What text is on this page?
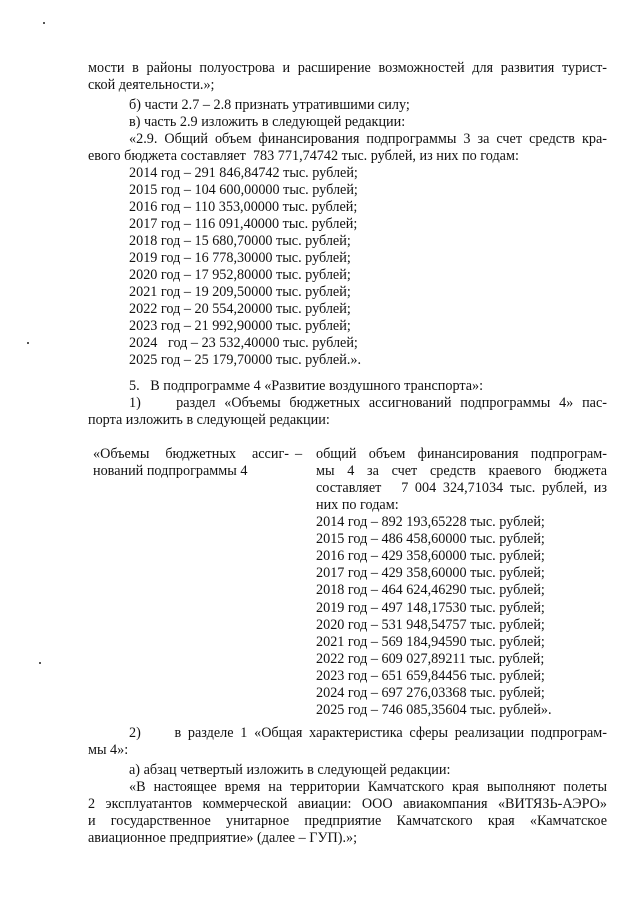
мости в районы полуострова и расширение возможностей для развития турист-
ской деятельности.»;
б) части 2.7 – 2.8 признать утратившими силу;
в) часть 2.9 изложить в следующей редакции:
«2.9. Общий объем финансирования подпрограммы 3 за счет средств кра-
евого бюджета составляет  783 771,74742 тыс. рублей, из них по годам:
2014 год – 291 846,84742 тыс. рублей;
2015 год – 104 600,00000 тыс. рублей;
2016 год – 110 353,00000 тыс. рублей;
2017 год – 116 091,40000 тыс. рублей;
2018 год – 15 680,70000 тыс. рублей;
2019 год – 16 778,30000 тыс. рублей;
2020 год – 17 952,80000 тыс. рублей;
2021 год – 19 209,50000 тыс. рублей;
2022 год – 20 554,20000 тыс. рублей;
2023 год – 21 992,90000 тыс. рублей;
2024   год – 23 532,40000 тыс. рублей;
2025 год – 25 179,70000 тыс. рублей.».
5.   В подпрограмме 4 «Развитие воздушного транспорта»:
1)    раздел «Объемы бюджетных ассигнований подпрограммы 4» пас-
порта изложить в следующей редакции:
«Объемы бюджетных ассиг-
нований подпрограммы 4
– общий объем финансирования подпрограм-
мы 4 за счет средств краевого бюджета
составляет   7 004 324,71034 тыс. рублей, из
них по годам:
2014 год – 892 193,65228 тыс. рублей;
2015 год – 486 458,60000 тыс. рублей;
2016 год – 429 358,60000 тыс. рублей;
2017 год – 429 358,60000 тыс. рублей;
2018 год – 464 624,46290 тыс. рублей;
2019 год – 497 148,17530 тыс. рублей;
2020 год – 531 948,54757 тыс. рублей;
2021 год – 569 184,94590 тыс. рублей;
2022 год – 609 027,89211 тыс. рублей;
2023 год – 651 659,84456 тыс. рублей;
2024 год – 697 276,03368 тыс. рублей;
2025 год – 746 085,35604 тыс. рублей».
2)     в разделе 1 «Общая характеристика сферы реализации подпрограм-
мы 4»:
а) абзац четвертый изложить в следующей редакции:
«В настоящее время на территории Камчатского края выполняют полеты
2 эксплуатантов коммерческой авиации: ООО авиакомпания «ВИТЯЗЬ-АЭРО»
и  государственное  унитарное  предприятие  Камчатского  края  «Камчатское
авиационное предприятие» (далее – ГУП).»;
